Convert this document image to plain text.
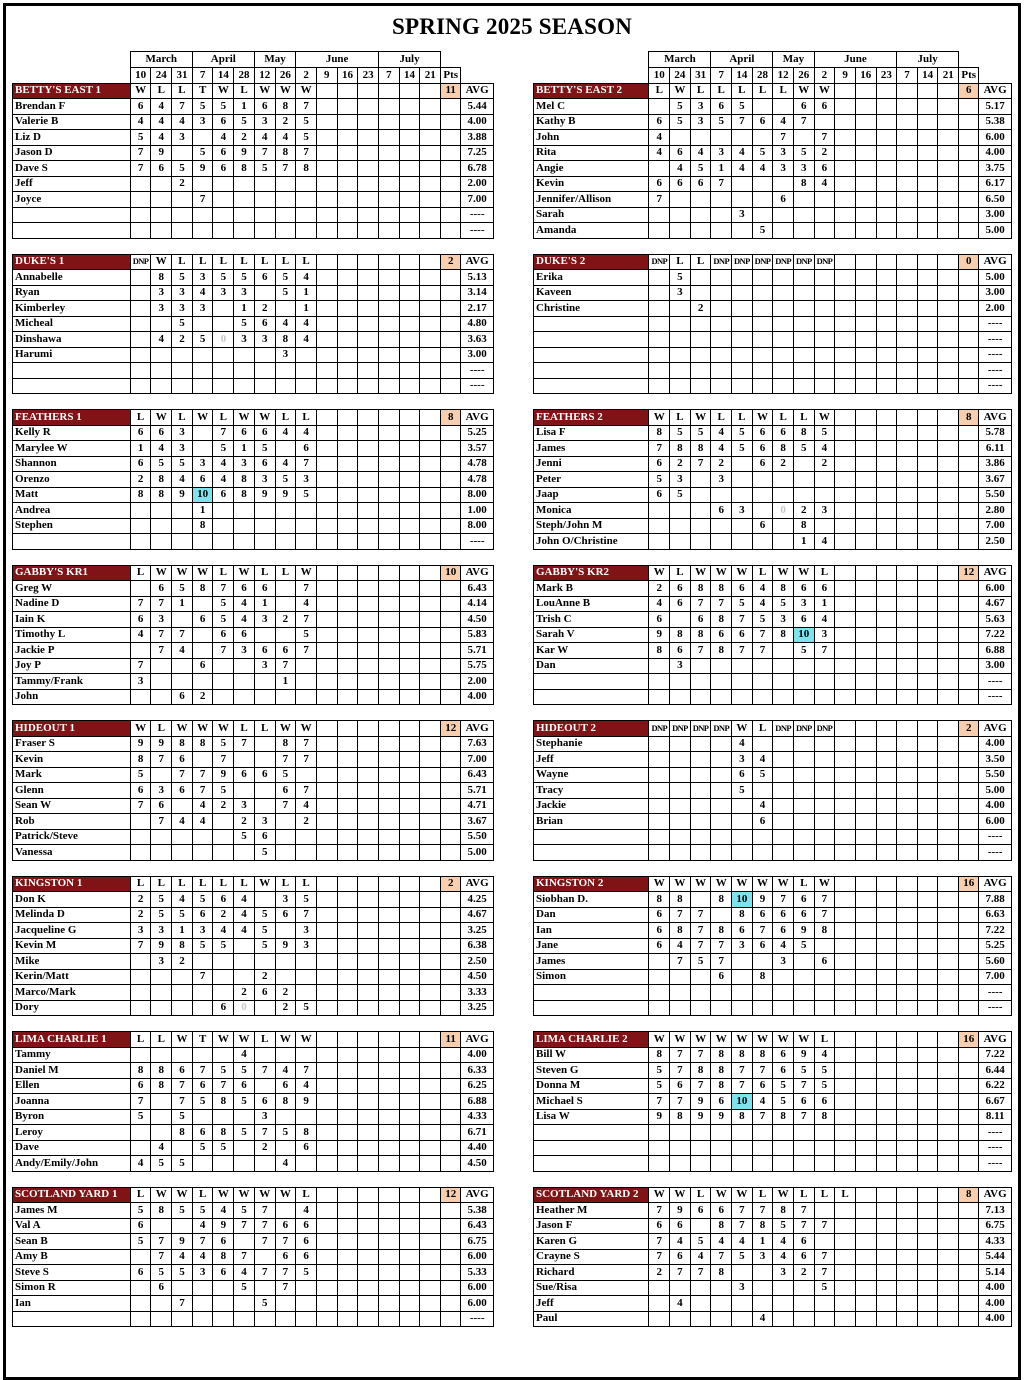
SPRING 2025 SEASON
	March			April			May		June				July				
	10	24	31	7	14	28	12	26	2	9	16	23	7	14	21	Pts	
BETTY'S EAST 1	W	L	L	T	W	L	W	W	W							11	AVG
Brendan F	6	4	7	5	5	1	6	8	7								5.44
Valerie B	4	4	4	3	6	5	3	2	5								4.00
Liz D	5	4	3		4	2	4	4	5								3.88
Jason D	7	9		5	6	9	7	8	7								7.25
Dave S	7	6	5	9	6	8	5	7	8								6.78
Jeff			2														2.00
Joyce				7													7.00
																	----
																	----

DUKE'S 1	DNP	W	L	L	L	L	L	L	L							2	AVG
Annabelle		8	5	3	5	5	6	5	4								5.13
Ryan		3	3	4	3	3		5	1								3.14
Kimberley		3	3	3		1	2		1								2.17
Micheal			5			5	6	4	4								4.80
Dinshawa		4	2	5	0	3	3	8	4								3.63
Harumi								3									3.00
																	----
																	----

FEATHERS 1	L	W	L	W	L	W	W	L	L							8	AVG
Kelly R	6	6	3		7	6	6	4	4								5.25
Marylee W	1	4	3		5	1	5		6								3.57
Shannon	6	5	5	3	4	3	6	4	7								4.78
Orenzo	2	8	4	6	4	8	3	5	3								4.78
Matt	8	8	9	10	6	8	9	9	5								8.00
Andrea				1													1.00
Stephen				8													8.00
																	----

GABBY'S KR1	L	W	W	W	L	W	L	L	W							10	AVG
Greg W		6	5	8	7	6	6		7								6.43
Nadine D	7	7	1		5	4	1		4								4.14
Iain K	6	3		6	5	4	3	2	7								4.50
Timothy L	4	7	7		6	6			5								5.83
Jackie P		7	4		7	3	6	6	7								5.71
Joy P	7			6			3	7									5.75
Tammy/Frank	3							1									2.00
John			6	2													4.00

HIDEOUT 1	W	L	W	W	W	L	L	W	W							12	AVG
Fraser S	9	9	8	8	5	7		8	7								7.63
Kevin	8	7	6		7			7	7								7.00
Mark	5		7	7	9	6	6	5									6.43
Glenn	6	3	6	7	5			6	7								5.71
Sean W	7	6		4	2	3		7	4								4.71
Rob		7	4	4		2	3		2								3.67
Patrick/Steve						5	6										5.50
Vanessa							5										5.00

KINGSTON 1	L	L	L	L	L	L	W	L	L							2	AVG
Don K	2	5	4	5	6	4		3	5								4.25
Melinda D	2	5	5	6	2	4	5	6	7								4.67
Jacqueline G	3	3	1	3	4	4	5		3								3.25
Kevin M	7	9	8	5	5		5	9	3								6.38
Mike		3	2														2.50
Kerin/Matt				7			2										4.50
Marco/Mark						2	6	2									3.33
Dory					6	0		2	5								3.25

LIMA CHARLIE 1	L	L	W	T	W	W	L	W	W							11	AVG
Tammy						4											4.00
Daniel M	8	8	6	7	5	5	7	4	7								6.33
Ellen	6	8	7	6	7	6		6	4								6.25
Joanna	7		7	5	8	5	6	8	9								6.88
Byron	5		5				3										4.33
Leroy			8	6	8	5	7	5	8								6.71
Dave		4		5	5		2		6								4.40
Andy/Emily/John	4	5	5					4									4.50

SCOTLAND YARD 1	L	W	W	L	W	W	W	W	L							12	AVG
James M	5	8	5	5	4	5	7		4								5.38
Val A	6			4	9	7	7	6	6								6.43
Sean B	5	7	9	7	6		7	7	6								6.75
Amy B		7	4	4	8	7		6	6								6.00
Steve S	6	5	5	3	6	4	7	7	5								5.33
Simon R		6				5		7									6.00
Ian			7				5										6.00
																	----
	March			April			May		June				July				
	10	24	31	7	14	28	12	26	2	9	16	23	7	14	21	Pts	
BETTY'S EAST 2	L	W	L	L	L	L	L	W	W							6	AVG
Mel C		5	3	6	5			6	6								5.17
Kathy B	6	5	3	5	7	6	4	7									5.38
John	4						7		7								6.00
Rita	4	6	4	3	4	5	3	5	2								4.00
Angie		4	5	1	4	4	3	3	6								3.75
Kevin	6	6	6	7				8	4								6.17
Jennifer/Allison	7						6										6.50
Sarah					3												3.00
Amanda						5											5.00

DUKE'S 2	DNP	L	L	DNP	DNP	DNP	DNP	DNP	DNP							0	AVG
Erika		5															5.00
Kaveen		3															3.00
Christine			2														2.00
																	----
																	----
																	----
																	----
																	----

FEATHERS 2	W	L	W	L	L	W	L	L	W							8	AVG
Lisa F	8	5	5	4	5	6	6	8	5								5.78
James	7	8	8	4	5	6	8	5	4								6.11
Jenni	6	2	7	2		6	2		2								3.86
Peter	5	3		3													3.67
Jaap	6	5															5.50
Monica				6	3		0	2	3								2.80
Steph/John M						6		8									7.00
John O/Christine								1	4								2.50

GABBY'S KR2	W	L	W	W	W	L	W	W	L							12	AVG
Mark B	2	6	8	8	6	4	8	6	6								6.00
LouAnne B	4	6	7	7	5	4	5	3	1								4.67
Trish C	6		6	8	7	5	3	6	4								5.63
Sarah V	9	8	8	6	6	7	8	10	3								7.22
Kar W	8	6	7	8	7	7		5	7								6.88
Dan		3															3.00
																	----
																	----

HIDEOUT 2	DNP	DNP	DNP	DNP	W	L	DNP	DNP	DNP							2	AVG
Stephanie					4												4.00
Jeff					3	4											3.50
Wayne					6	5											5.50
Tracy					5												5.00
Jackie						4											4.00
Brian						6											6.00
																	----
																	----

KINGSTON 2	W	W	W	W	W	W	W	L	W							16	AVG
Siobhan D.	8	8		8	10	9	7	6	7								7.88
Dan	6	7	7		8	6	6	6	7								6.63
Ian	6	8	7	8	6	7	6	9	8								7.22
Jane	6	4	7	7	3	6	4	5									5.25
James		7	5	7			3		6								5.60
Simon				6		8											7.00
																	----
																	----

LIMA CHARLIE 2	W	W	W	W	W	W	W	W	L							16	AVG
Bill W	8	7	7	8	8	8	6	9	4								7.22
Steven G	5	7	8	8	7	7	6	5	5								6.44
Donna M	5	6	7	8	7	6	5	7	5								6.22
Michael S	7	7	9	6	10	4	5	6	6								6.67
Lisa W	9	8	9	9	8	7	8	7	8								8.11
																	----
																	----
																	----

SCOTLAND YARD 2	W	W	L	W	W	L	W	L	L	L						8	AVG
Heather M	7	9	6	6	7	7	8	7									7.13
Jason F	6	6		8	7	8	5	7	7								6.75
Karen G	7	4	5	4	4	1	4	6									4.33
Crayne S	7	6	4	7	5	3	4	6	7								5.44
Richard	2	7	7	8			3	2	7								5.14
Sue/Risa					3				5								4.00
Jeff		4															4.00
Paul						4											4.00
